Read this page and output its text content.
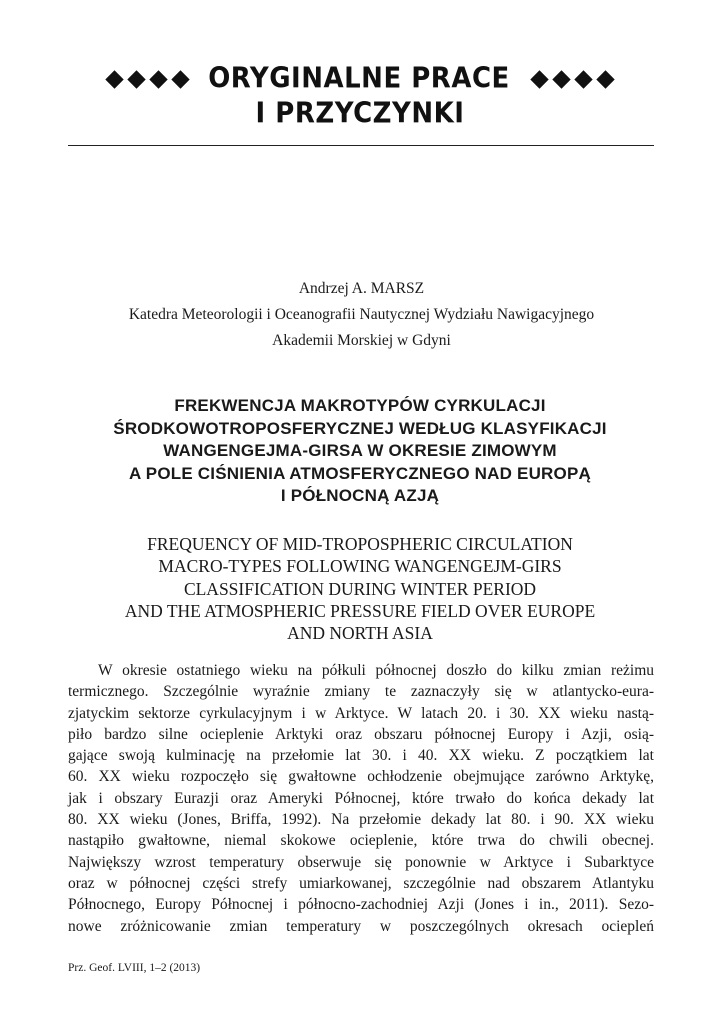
ORYGINALNE PRACE
I PRZYCZYNKI
Andrzej A. MARSZ
Katedra Meteorologii i Oceanografii Nautycznej Wydziału Nawigacyjnego
Akademii Morskiej w Gdyni
FREKWENCJA MAKROTYPÓW CYRKULACJI
ŚRODKOWOTROPOSFERYCZNEJ WEDŁUG KLASYFIKACJI
WANGENGEJMA-GIRSA W OKRESIE ZIMOWYM
A POLE CIŚNIENIA ATMOSFERYCZNEGO NAD EUROPĄ
I PÓŁNOCNĄ AZJĄ
FREQUENCY OF MID-TROPOSPHERIC CIRCULATION
MACRO-TYPES FOLLOWING WANGENGEJM-GIRS
CLASSIFICATION DURING WINTER PERIOD
AND THE ATMOSPHERIC PRESSURE FIELD OVER EUROPE
AND NORTH ASIA
W okresie ostatniego wieku na półkuli północnej doszło do kilku zmian reżimu
termicznego. Szczególnie wyraźnie zmiany te zaznaczyły się w atlantycko-eura-
zjatyckim sektorze cyrkulacyjnym i w Arktyce. W latach 20. i 30. XX wieku nastą-
piło bardzo silne ocieplenie Arktyki oraz obszaru północnej Europy i Azji, osią-
gające swoją kulminację na przełomie lat 30. i 40. XX wieku. Z początkiem lat
60. XX wieku rozpoczęło się gwałtowne ochłodzenie obejmujące zarówno Arktykę,
jak i obszary Eurazji oraz Ameryki Północnej, które trwało do końca dekady lat
80. XX wieku (Jones, Briffa, 1992). Na przełomie dekady lat 80. i 90. XX wieku
nastąpiło gwałtowne, niemal skokowe ocieplenie, które trwa do chwili obecnej.
Największy wzrost temperatury obserwuje się ponownie w Arktyce i Subarktyce
oraz w północnej części strefy umiarkowanej, szczególnie nad obszarem Atlantyku
Północnego, Europy Północnej i północno-zachodniej Azji (Jones i in., 2011). Sezo-
nowe zróżnicowanie zmian temperatury w poszczególnych okresach ociepleń
Prz. Geof. LVIII, 1–2 (2013)
